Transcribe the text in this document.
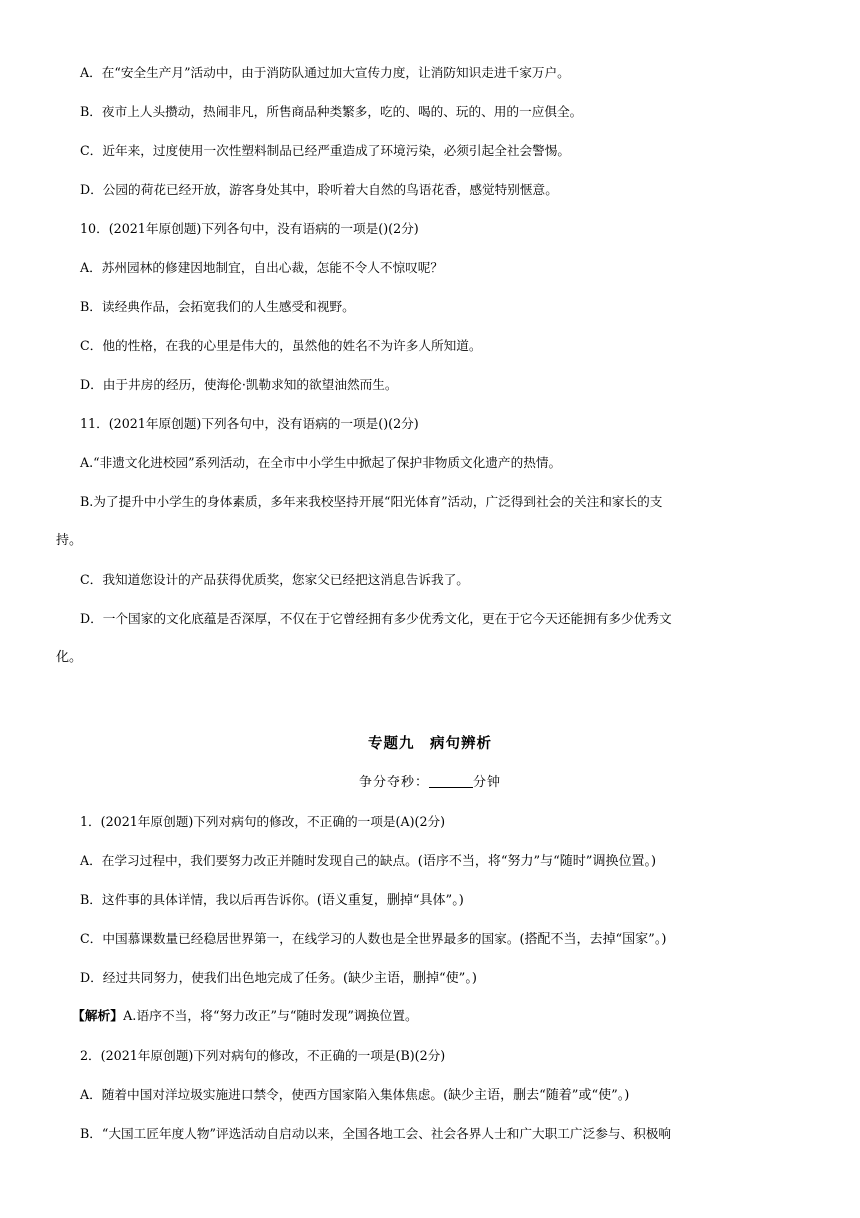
A．在“安全生产月”活动中，由于消防队通过加大宣传力度，让消防知识走进千家万户。
B．夜市上人头攒动，热闹非凡，所售商品种类繁多，吃的、喝的、玩的、用的一应俱全。
C．近年来，过度使用一次性塑料制品已经严重造成了环境污染，必须引起全社会警惕。
D．公园的荷花已经开放，游客身处其中，聆听着大自然的鸟语花香，感觉特别惬意。
10．(2021年原创题)下列各句中，没有语病的一项是()(2分)
A．苏州园林的修建因地制宜，自出心裁，怎能不令人不惊叹呢？
B．读经典作品，会拓宽我们的人生感受和视野。
C．他的性格，在我的心里是伟大的，虽然他的姓名不为许多人所知道。
D．由于井房的经历，使海伦·凯勒求知的欲望油然而生。
11．(2021年原创题)下列各句中，没有语病的一项是()(2分)
A.“非遗文化进校园”系列活动，在全市中小学生中掀起了保护非物质文化遗产的热情。
B.为了提升中小学生的身体素质，多年来我校坚持开展“阳光体育”活动，广泛得到社会的关注和家长的支
持。
C．我知道您设计的产品获得优质奖，您家父已经把这消息告诉我了。
D．一个国家的文化底蕴是否深厚，不仅在于它曾经拥有多少优秀文化，更在于它今天还能拥有多少优秀文
化。
专题九　病句辨析
争分夺秒：	分钟
1．(2021年原创题)下列对病句的修改，不正确的一项是(A)(2分)
A．在学习过程中，我们要努力改正并随时发现自己的缺点。(语序不当，将“努力”与“随时”调换位置。)
B．这件事的具体详情，我以后再告诉你。(语义重复，删掉“具体”。)
C．中国慕课数量已经稳居世界第一，在线学习的人数也是全世界最多的国家。(搭配不当，去掉“国家”。)
D．经过共同努力，使我们出色地完成了任务。(缺少主语，删掉“使”。)
【解析】A.语序不当，将“努力改正”与“随时发现”调换位置。
2．(2021年原创题)下列对病句的修改，不正确的一项是(B)(2分)
A．随着中国对洋垃圾实施进口禁令，使西方国家陷入集体焦虑。(缺少主语，删去“随着”或“使”。)
B．“大国工匠年度人物”评选活动自启动以来，全国各地工会、社会各界人士和广大职工广泛参与、积极响
